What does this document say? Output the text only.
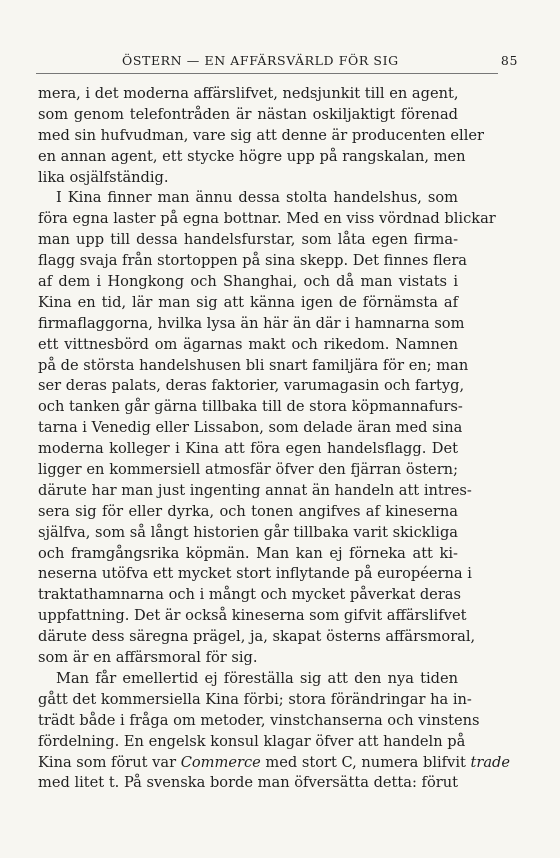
ÖSTERN — EN AFFÄRSVÄRLD FÖR SIG	85
mera, i det moderna affärslifvet, nedsjunkit till en agent,
som genom telefontråden är nästan oskiljaktigt förenad
med sin hufvudman, vare sig att denne är producenten eller
en annan agent, ett stycke högre upp på rangskalan, men
lika osjälfständig.
I Kina finner man ännu dessa stolta handelshus, som
föra egna laster på egna bottnar. Med en viss vördnad blickar
man upp till dessa handelsfurstar, som låta egen firma-
flagg svaja från stortoppen på sina skepp. Det finnes flera
af dem i Hongkong och Shanghai, och då man vistats i
Kina en tid, lär man sig att känna igen de förnämsta af
firmaflaggorna, hvilka lysa än här än där i hamnarna som
ett vittnesbörd om ägarnas makt och rikedom. Namnen
på de största handelshusen bli snart familjära för en; man
ser deras palats, deras faktorier, varumagasin och fartyg,
och tanken går gärna tillbaka till de stora köpmannafurs-
tarna i Venedig eller Lissabon, som delade äran med sina
moderna kolleger i Kina att föra egen handelsflagg. Det
ligger en kommersiell atmosfär öfver den fjärran östern;
därute har man just ingenting annat än handeln att intres-
sera sig för eller dyrka, och tonen angifves af kineserna
själfva, som så långt historien går tillbaka varit skickliga
och framgångsrika köpmän. Man kan ej förneka att ki-
neserna utöfva ett mycket stort inflytande på européerna i
traktathamnarna och i mångt och mycket påverkat deras
uppfattning. Det är också kineserna som gifvit affärslifvet
därute dess säregna prägel, ja, skapat österns affärsmoral,
som är en affärsmoral för sig.
Man får emellertid ej föreställa sig att den nya tiden
gått det kommersiella Kina förbi; stora förändringar ha in-
trädt både i fråga om metoder, vinstchanserna och vinstens
fördelning. En engelsk konsul klagar öfver att handeln på
Kina som förut var Commerce med stort C, numera blifvit trade
med litet t. På svenska borde man öfversätta detta: förut
